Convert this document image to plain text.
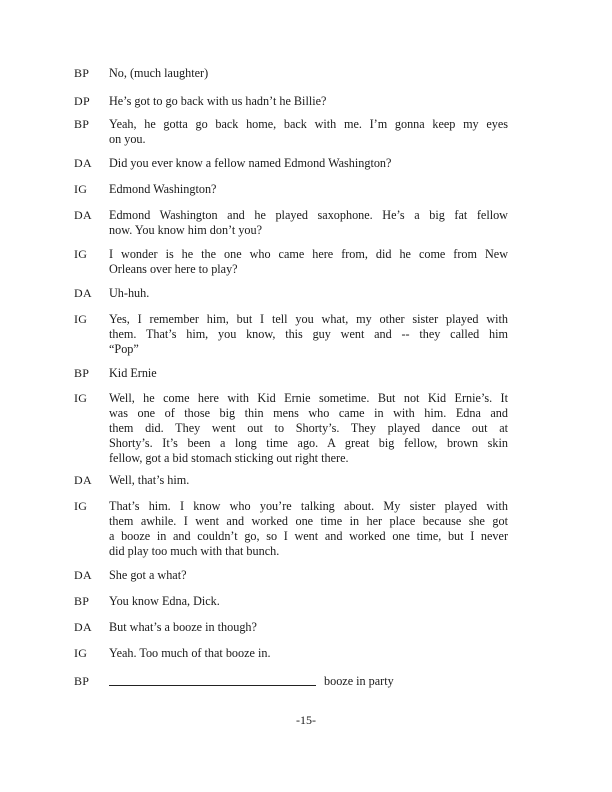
BP No, (much laughter)
DP He’s got to go back with us hadn’t he Billie?
BP Yeah, he gotta go back home, back with me. I’m gonna keep my eyes
on you.
DA Did you ever know a fellow named Edmond Washington?
IG Edmond Washington?
DA Edmond Washington and he played saxophone. He’s a big fat fellow
now. You know him don’t you?
IG I wonder is he the one who came here from, did he come from New
Orleans over here to play?
DA Uh-huh.
IG Yes, I remember him, but I tell you what, my other sister played with
them. That’s him, you know, this guy went and -- they called him
“Pop”
BP Kid Ernie
IG Well, he come here with Kid Ernie sometime. But not Kid Ernie’s. It
was one of those big thin mens who came in with him. Edna and
them did. They went out to Shorty’s. They played dance out at
Shorty’s. It’s been a long time ago. A great big fellow, brown skin
fellow, got a bid stomach sticking out right there.
DA Well, that’s him.
IG That’s him. I know who you’re talking about. My sister played with
them awhile. I went and worked one time in her place because she got
a booze in and couldn’t go, so I went and worked one time, but I never
did play too much with that bunch.
DA She got a what?
BP You know Edna, Dick.
DA But what’s a booze in though?
IG Yeah. Too much of that booze in.
BP	booze in party
-15-
